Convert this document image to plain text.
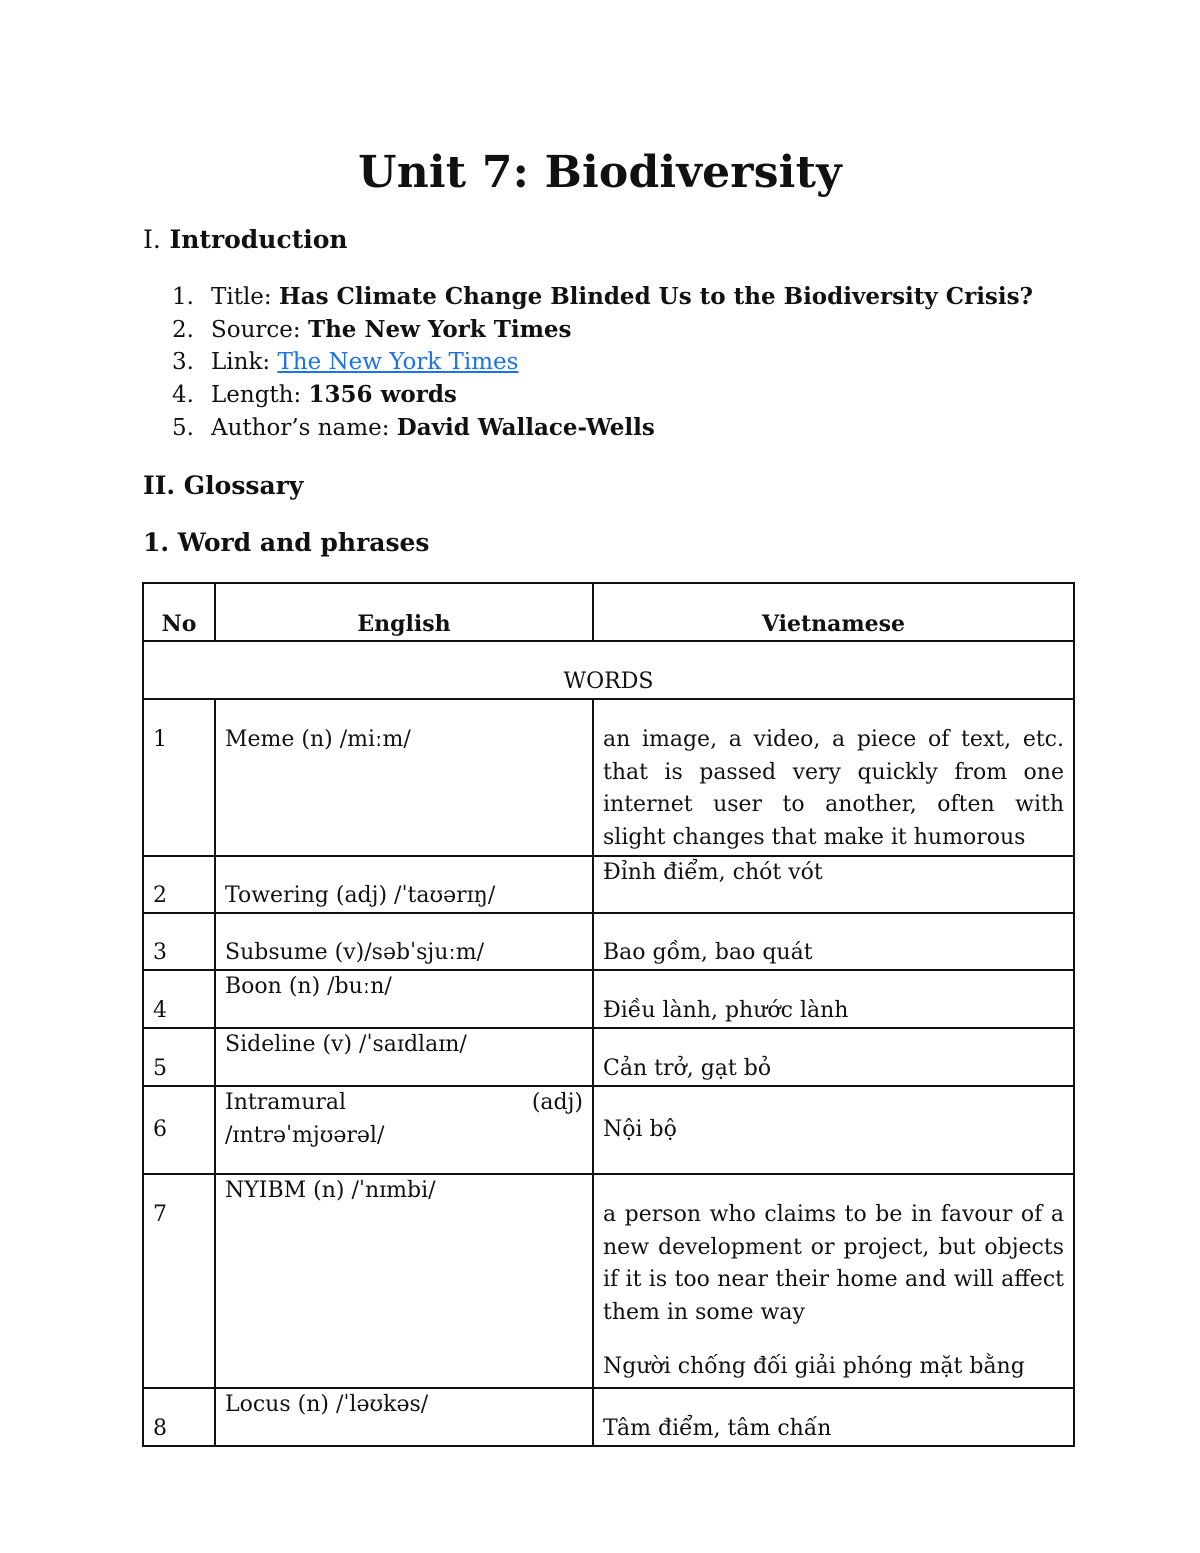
Unit 7: Biodiversity
I. Introduction
1. Title: Has Climate Change Blinded Us to the Biodiversity Crisis?
2. Source: The New York Times
3. Link: The New York Times
4. Length: 1356 words
5. Author’s name: David Wallace-Wells
II. Glossary
1. Word and phrases
No	English	Vietnamese
WORDS		
1	Meme (n) /miːm/	an image, a video, a piece of text, etc. that is passed very quickly from one internet user to another, often with slight changes that make it humorous
2	Towering (adj) /ˈtaʊərɪŋ/	Đỉnh điểm, chót vót
3	Subsume (v)/səbˈsjuːm/	Bao gồm, bao quát
4	Boon (n) /buːn/	Điều lành, phước lành
5	Sideline (v) /ˈsaɪdlaɪn/	Cản trở, gạt bỏ
6	Intramural (adj)
/ɪntrəˈmjʊərəl/	Nội bộ
7	NYIBM (n) /ˈnɪmbi/	a person who claims to be in favour of a new development or project, but objects if it is too near their home and will affect them in some way
Người chống đối giải phóng mặt bằng

8	Locus (n) /ˈləʊkəs/	Tâm điểm, tâm chấn
